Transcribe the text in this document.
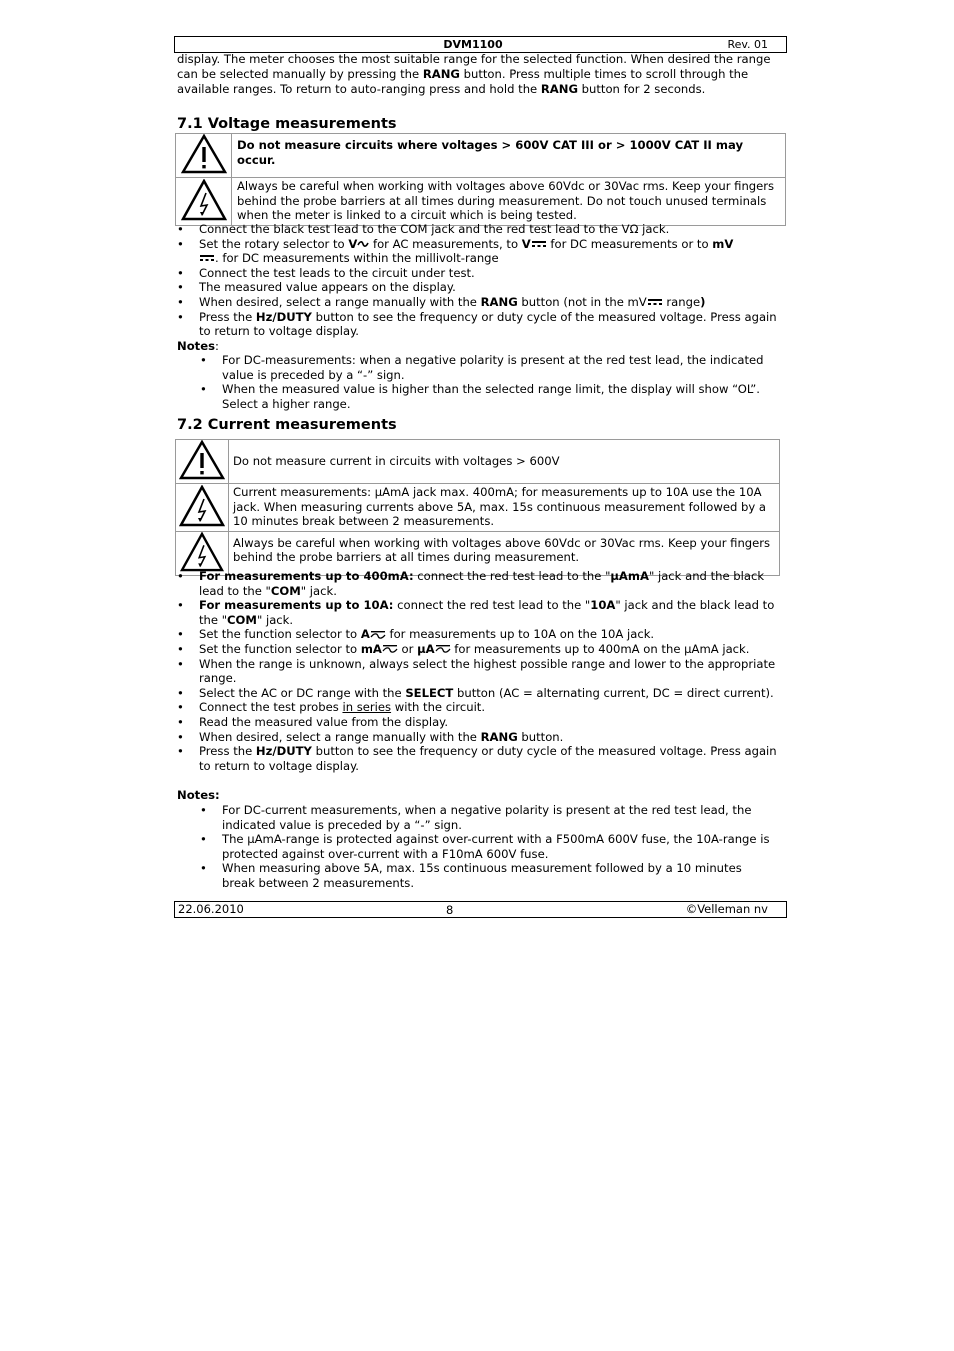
DVM1100	Rev. 01
display. The meter chooses the most suitable range for the selected function. When desired the range can be selected manually by pressing the RANG button. Press multiple times to scroll through the available ranges. To return to auto-ranging press and hold the RANG button for 2 seconds.
7.1 Voltage measurements
	Do not measure circuits where voltages > 600V CAT III or > 1000V CAT II may occur.
	Always be careful when working with voltages above 60Vdc or 30Vac rms. Keep your fingers behind the probe barriers at all times during measurement. Do not touch unused terminals when the meter is linked to a circuit which is being tested.
• Connect the black test lead to the COM jack and the red test lead to the VΩ jack.
• Set the rotary selector to V for AC measurements, to V for DC measurements or to mV
. for DC measurements within the millivolt-range
• Connect the test leads to the circuit under test.
• The measured value appears on the display.
• When desired, select a range manually with the RANG button (not in the mV range)
• Press the Hz/DUTY button to see the frequency or duty cycle of the measured voltage. Press again to return to voltage display.
Notes:
• For DC-measurements: when a negative polarity is present at the red test lead, the indicated value is preceded by a “-” sign.
• When the measured value is higher than the selected range limit, the display will show “OL”. Select a higher range.
7.2 Current measurements
	Do not measure current in circuits with voltages > 600V
	Current measurements: µAmA jack max. 400mA; for measurements up to 10A use the 10A jack. When measuring currents above 5A, max. 15s continuous measurement followed by a 10 minutes break between 2 measurements.
	Always be careful when working with voltages above 60Vdc or 30Vac rms. Keep your fingers behind the probe barriers at all times during measurement.
• For measurements up to 400mA: connect the red test lead to the "µAmA" jack and the black lead to the "COM" jack.
• For measurements up to 10A: connect the red test lead to the "10A" jack and the black lead to the "COM" jack.
• Set the function selector to A for measurements up to 10A on the 10A jack.
• Set the function selector to mA or µA for measurements up to 400mA on the µAmA jack.
• When the range is unknown, always select the highest possible range and lower to the appropriate range.
• Select the AC or DC range with the SELECT button (AC = alternating current, DC = direct current).
• Connect the test probes in series with the circuit.
• Read the measured value from the display.
• When desired, select a range manually with the RANG button.
• Press the Hz/DUTY button to see the frequency or duty cycle of the measured voltage. Press again to return to voltage display.
Notes:
• For DC-current measurements, when a negative polarity is present at the red test lead, the indicated value is preceded by a “-” sign.
• The µAmA-range is protected against over-current with a F500mA 600V fuse, the 10A-range is protected against over-current with a F10mA 600V fuse.
• When measuring above 5A, max. 15s continuous measurement followed by a 10 minutes break between 2 measurements.
22.06.2010	8	©Velleman nv
